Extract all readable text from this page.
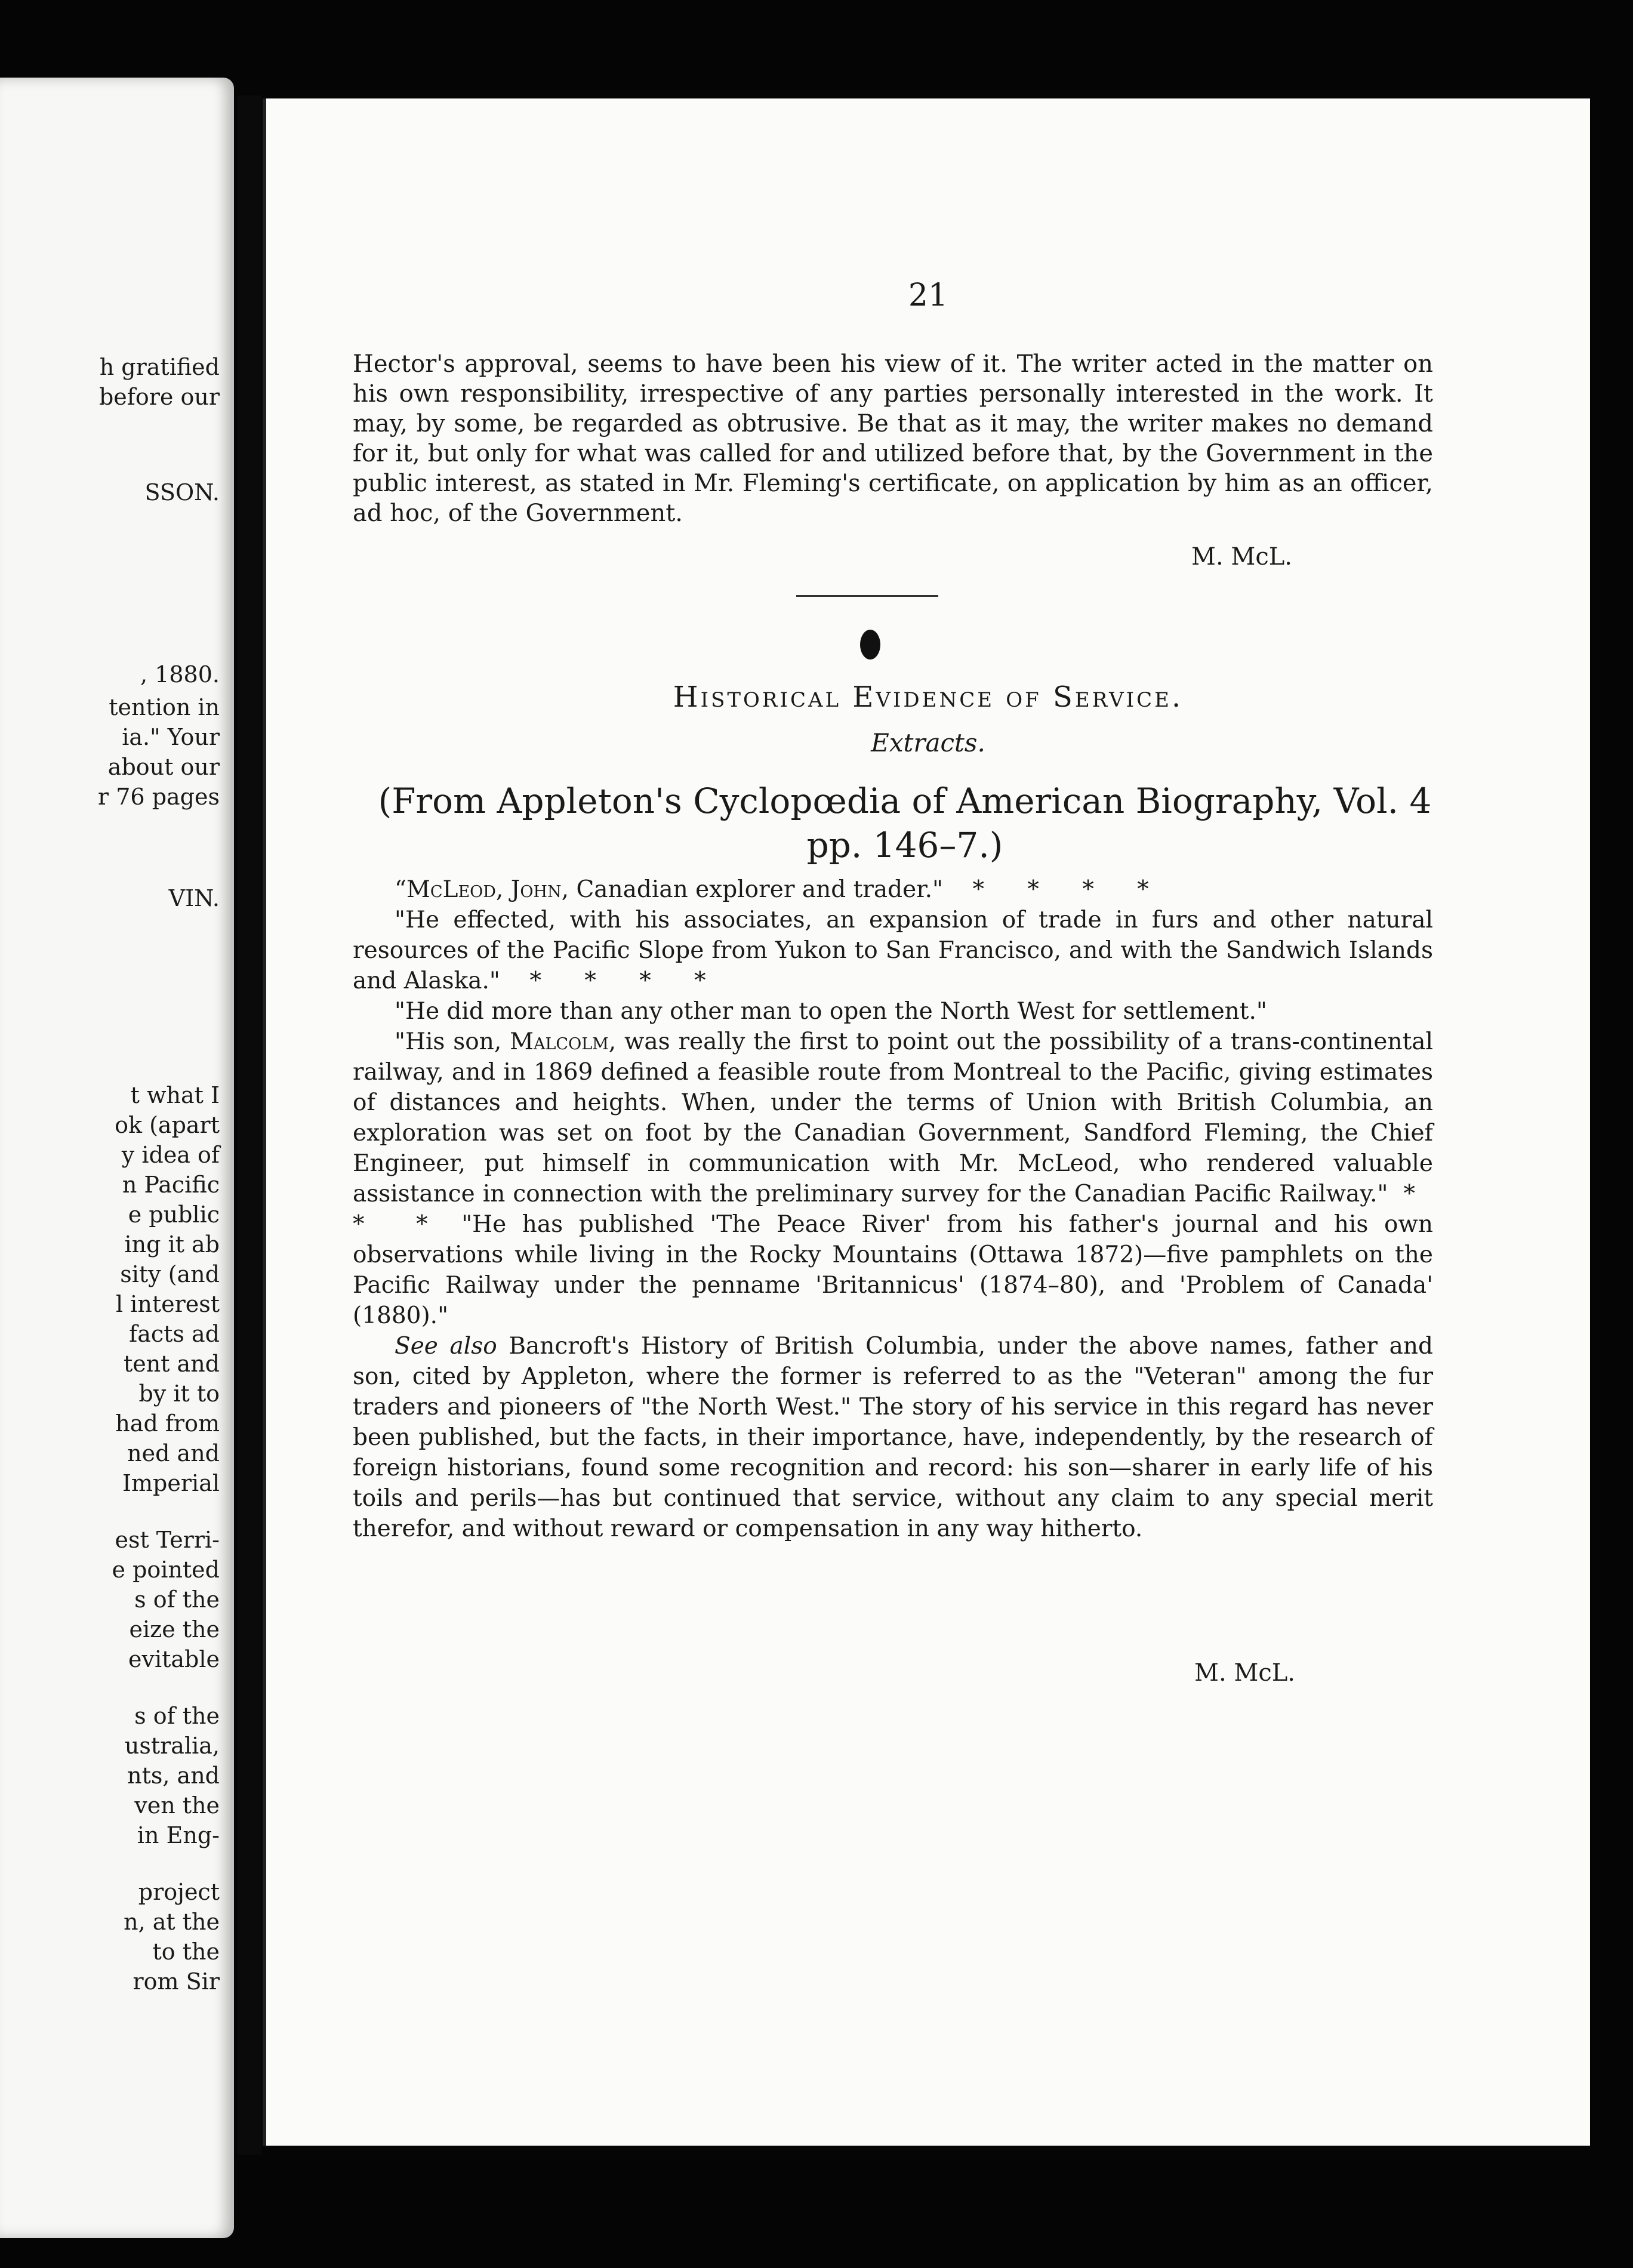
h gratified
before our
SSON.
, 1880.
tention in
ia." Your
about our
r 76 pages
VIN.
t what I
ok (apart
y idea of
n Pacific
e public
ing it ab
sity (and
l interest
facts ad
tent and
by it to
had from
ned and
Imperial
est Terri-
e pointed
s of the
eize the
evitable
s of the
ustralia,
nts, and
ven the
in Eng-
project
n, at the
to the
rom Sir
21
Hector's approval, seems to have been his view of it. The writer acted in the matter on his own responsibility, irrespective of any parties personally interested in the work. It may, by some, be regarded as obtrusive. Be that as it may, the writer makes no demand for it, but only for what was called for and utilized before that, by the Government in the public interest, as stated in Mr. Fleming's certificate, on application by him as an officer, ad hoc, of the Government.
M. McL.
Historical Evidence of Service.
Extracts.
(From Appleton's Cyclopœdia of American Biography, Vol. 4 pp. 146–7.)

“McLeod, John, Canadian explorer and trader." * * * *

"He effected, with his associates, an expansion of trade in furs and other natural resources of the Pacific Slope from Yukon to San Francisco, and with the Sandwich Islands and Alaska." * * * *

"He did more than any other man to open the North West for settlement."

"His son, Malcolm, was really the first to point out the possibility of a trans-continental railway, and in 1869 defined a feasible route from Montreal to the Pacific, giving estimates of distances and heights. When, under the terms of Union with British Columbia, an exploration was set on foot by the Canadian Government, Sandford Fleming, the Chief Engineer, put himself in communication with Mr. McLeod, who rendered valuable assistance in connection with the preliminary survey for the Canadian Pacific Railway." * * * "He has published 'The Peace River' from his father's journal and his own observations while living in the Rocky Mountains (Ottawa 1872)—five pamphlets on the Pacific Railway under the penname 'Britannicus' (1874–80), and 'Problem of Canada' (1880)."

See also Bancroft's History of British Columbia, under the above names, father and son, cited by Appleton, where the former is referred to as the "Veteran" among the fur traders and pioneers of "the North West." The story of his service in this regard has never been published, but the facts, in their importance, have, independently, by the research of foreign historians, found some recognition and record: his son—sharer in early life of his toils and perils—has but continued that service, without any claim to any special merit therefor, and without reward or compensation in any way hitherto.

M. McL.
